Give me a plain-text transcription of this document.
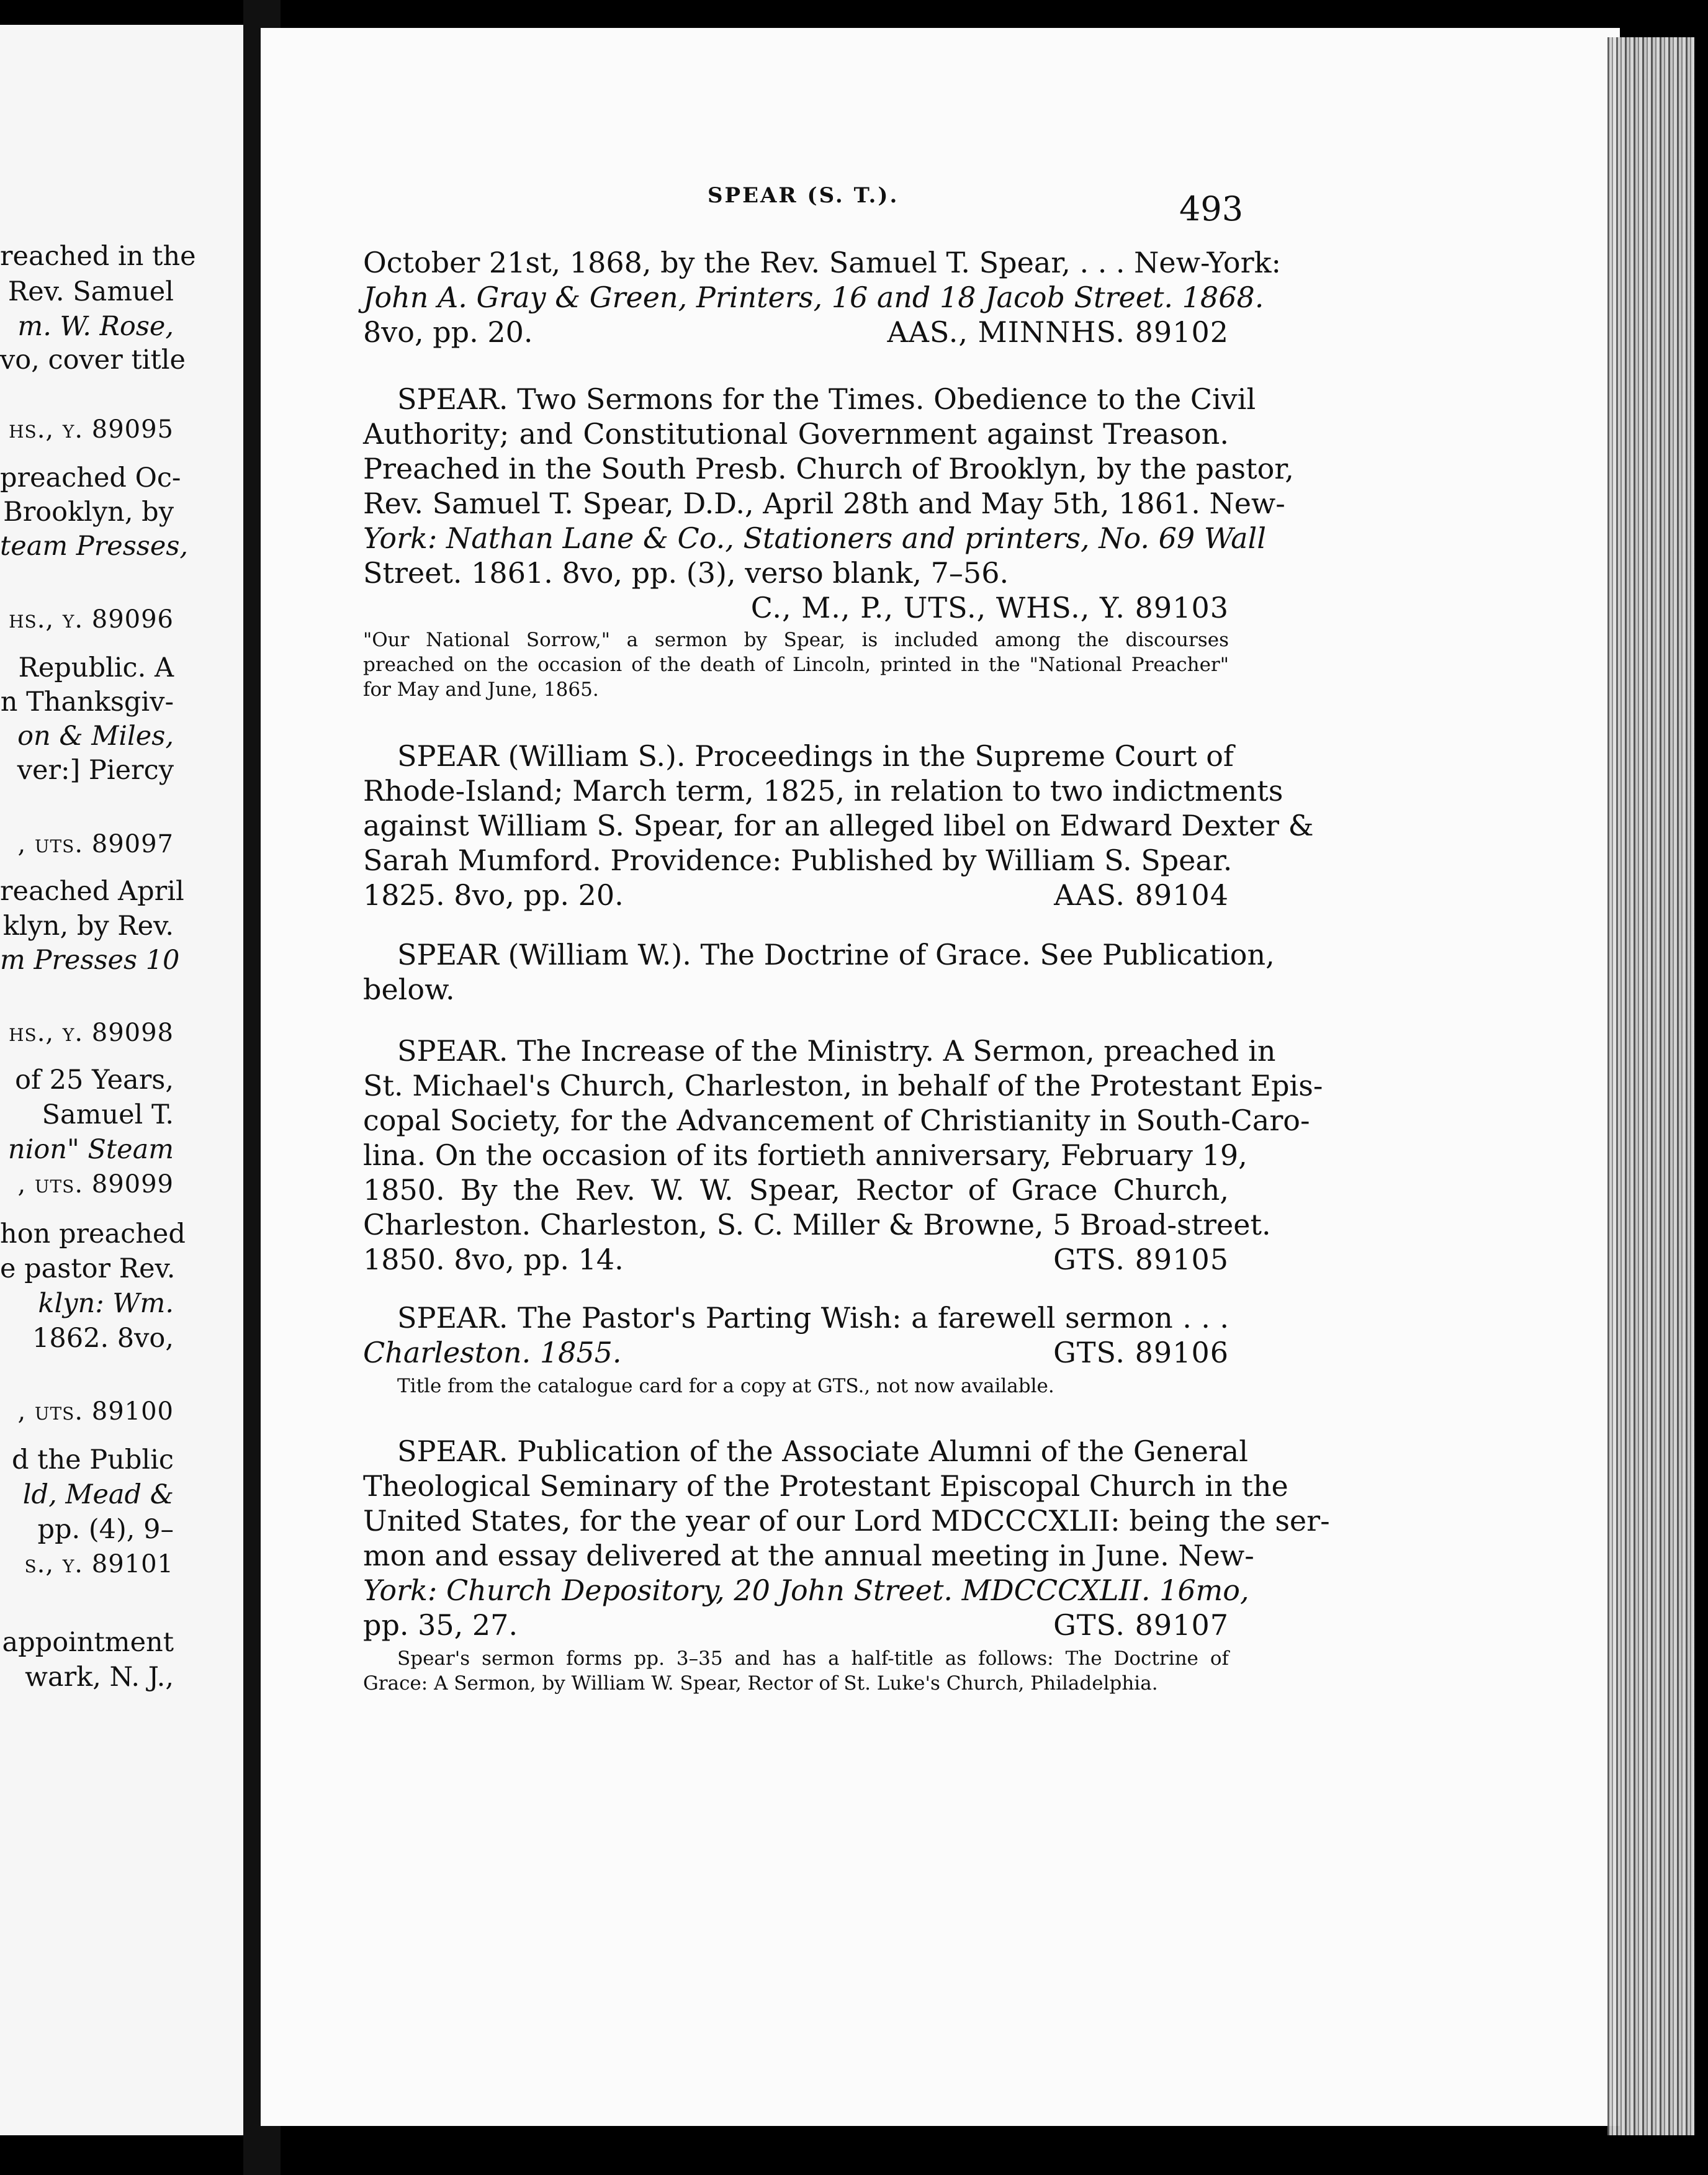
reached in the
Rev. Samuel
m. W. Rose,
vo, cover title
hs., y. 89095
preached Oc-
Brooklyn, by
team Presses,
hs., y. 89096
Republic. A
n Thanksgiv-
on & Miles,
ver:] Piercy
, uts. 89097
reached April
klyn, by Rev.
m Presses 10
hs., y. 89098
of 25 Years,
Samuel T.
nion" Steam
, uts. 89099
hon preached
e pastor Rev.
klyn: Wm.
1862. 8vo,
, uts. 89100
d the Public
ld, Mead &
pp. (4), 9–
s., y. 89101
appointment
wark, N. J.,
SPEAR (S. T.).	493
October 21st, 1868, by the Rev. Samuel T. Spear, . . . New-York:
John A. Gray & Green, Printers, 16 and 18 Jacob Street. 1868.
8vo, pp. 20.	AAS., MINNHS. 89102
SPEAR. Two Sermons for the Times. Obedience to the Civil
Authority; and Constitutional Government against Treason.
Preached in the South Presb. Church of Brooklyn, by the pastor,
Rev. Samuel T. Spear, D.D., April 28th and May 5th, 1861. New-
York: Nathan Lane & Co., Stationers and printers, No. 69 Wall
Street. 1861. 8vo, pp. (3), verso blank, 7–56.
C., M., P., UTS., WHS., Y. 89103
"Our National Sorrow," a sermon by Spear, is included among the discourses
preached on the occasion of the death of Lincoln, printed in the "National Preacher"
for May and June, 1865.
SPEAR (William S.). Proceedings in the Supreme Court of
Rhode-Island; March term, 1825, in relation to two indictments
against William S. Spear, for an alleged libel on Edward Dexter &
Sarah Mumford. Providence: Published by William S. Spear.
1825. 8vo, pp. 20.	AAS. 89104
SPEAR (William W.). The Doctrine of Grace. See Publication,
below.
SPEAR. The Increase of the Ministry. A Sermon, preached in
St. Michael's Church, Charleston, in behalf of the Protestant Epis-
copal Society, for the Advancement of Christianity in South-Caro-
lina. On the occasion of its fortieth anniversary, February 19,
1850. By the Rev. W. W. Spear, Rector of Grace Church,
Charleston. Charleston, S. C. Miller & Browne, 5 Broad-street.
1850. 8vo, pp. 14.	GTS. 89105
SPEAR. The Pastor's Parting Wish: a farewell sermon . . .
Charleston. 1855.	GTS. 89106
Title from the catalogue card for a copy at GTS., not now available.
SPEAR. Publication of the Associate Alumni of the General
Theological Seminary of the Protestant Episcopal Church in the
United States, for the year of our Lord MDCCCXLII: being the ser-
mon and essay delivered at the annual meeting in June. New-
York: Church Depository, 20 John Street. MDCCCXLII. 16mo,
pp. 35, 27.	GTS. 89107
Spear's sermon forms pp. 3–35 and has a half-title as follows: The Doctrine of
Grace: A Sermon, by William W. Spear, Rector of St. Luke's Church, Philadelphia.
